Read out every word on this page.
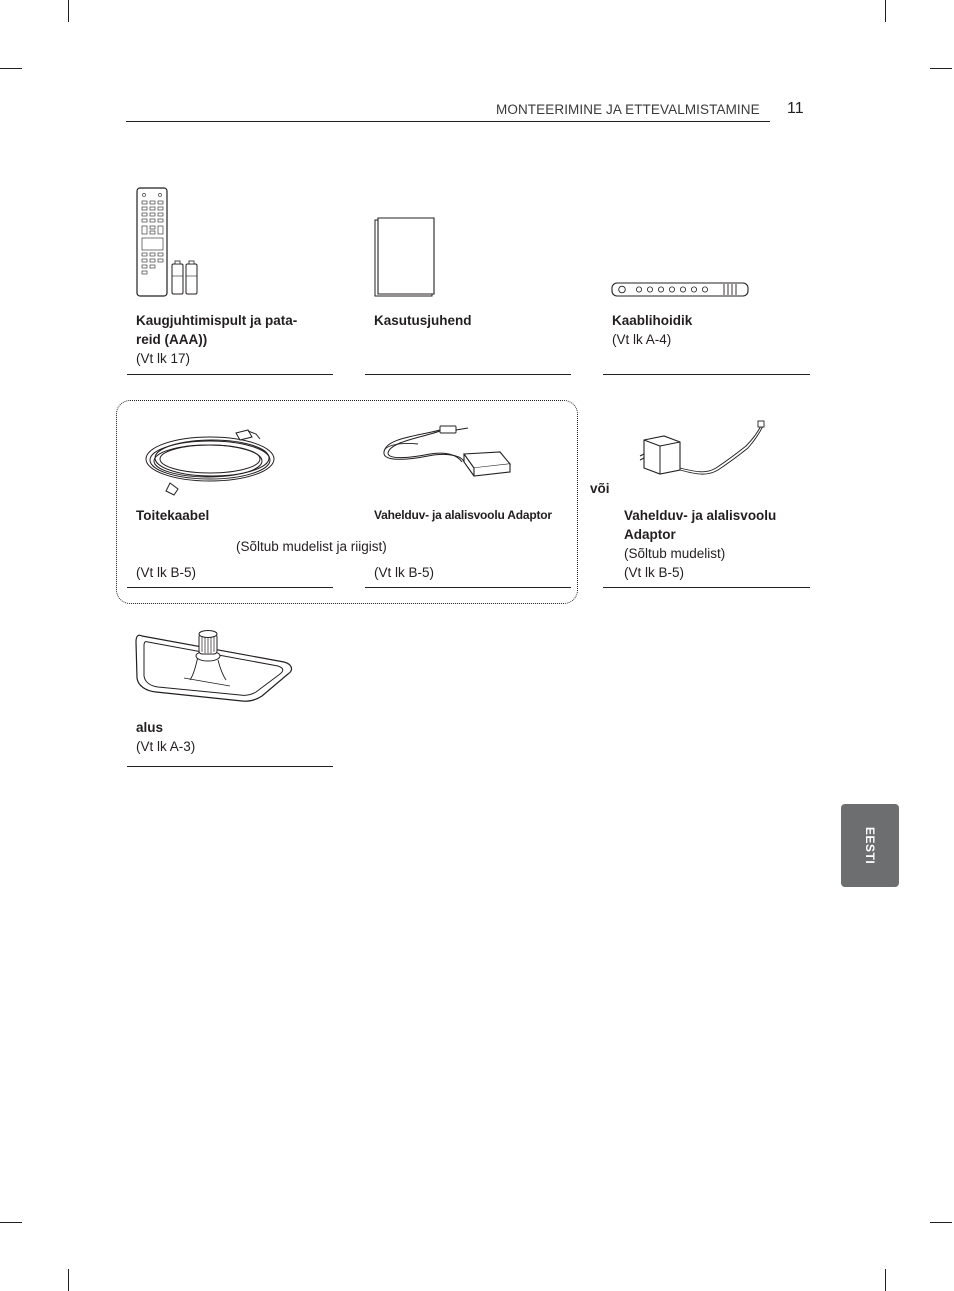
MONTEERIMINE JA ETTEVALMISTAMINE 11
Kaugjuhtimispult ja pata-
reid (AAA))
(Vt lk 17)
Kasutusjuhend	Kaablihoidik
(Vt lk A-4)
Toitekaabel	Vahelduv- ja alalisvoolu Adaptor
või
Vahelduv- ja alalisvoolu
Adaptor
(Sõltub mudelist)
(Vt lk B-5)
(Sõltub mudelist ja riigist)
(Vt lk B-5)	(Vt lk B-5)
alus
(Vt lk A-3)
EESTI
